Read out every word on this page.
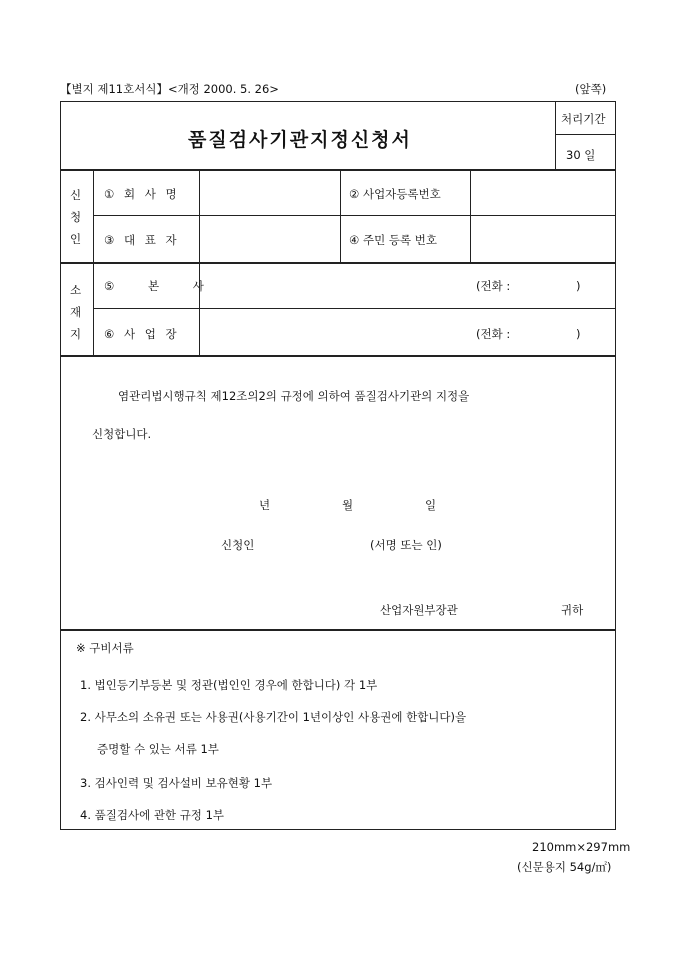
【별지 제11호서식】<개정 2000. 5. 26>	(앞쪽)
품질검사기관지정신청서
처리기간
30 일
신
청
인
① 회 사 명	② 사업자등록번호
③ 대 표 자	④ 주민 등록 번호
소
재
지
⑤ 본 사	(전화 :                  )
⑥ 사 업 장	(전화 :                  )
염관리법시행규칙 제12조의2의 규정에 의하여 품질검사기관의 지정을
신청합니다.
년	월	일
신청인	(서명 또는 인)
산업자원부장관	귀하
※ 구비서류
1. 법인등기부등본 및 정관(법인인 경우에 한합니다) 각 1부
2. 사무소의 소유권 또는 사용권(사용기간이 1년이상인 사용권에 한합니다)을
증명할 수 있는 서류 1부
3. 검사인력 및 검사설비 보유현황 1부
4. 품질검사에 관한 규정 1부
210mm×297mm
(신문용지 54g/㎡)
